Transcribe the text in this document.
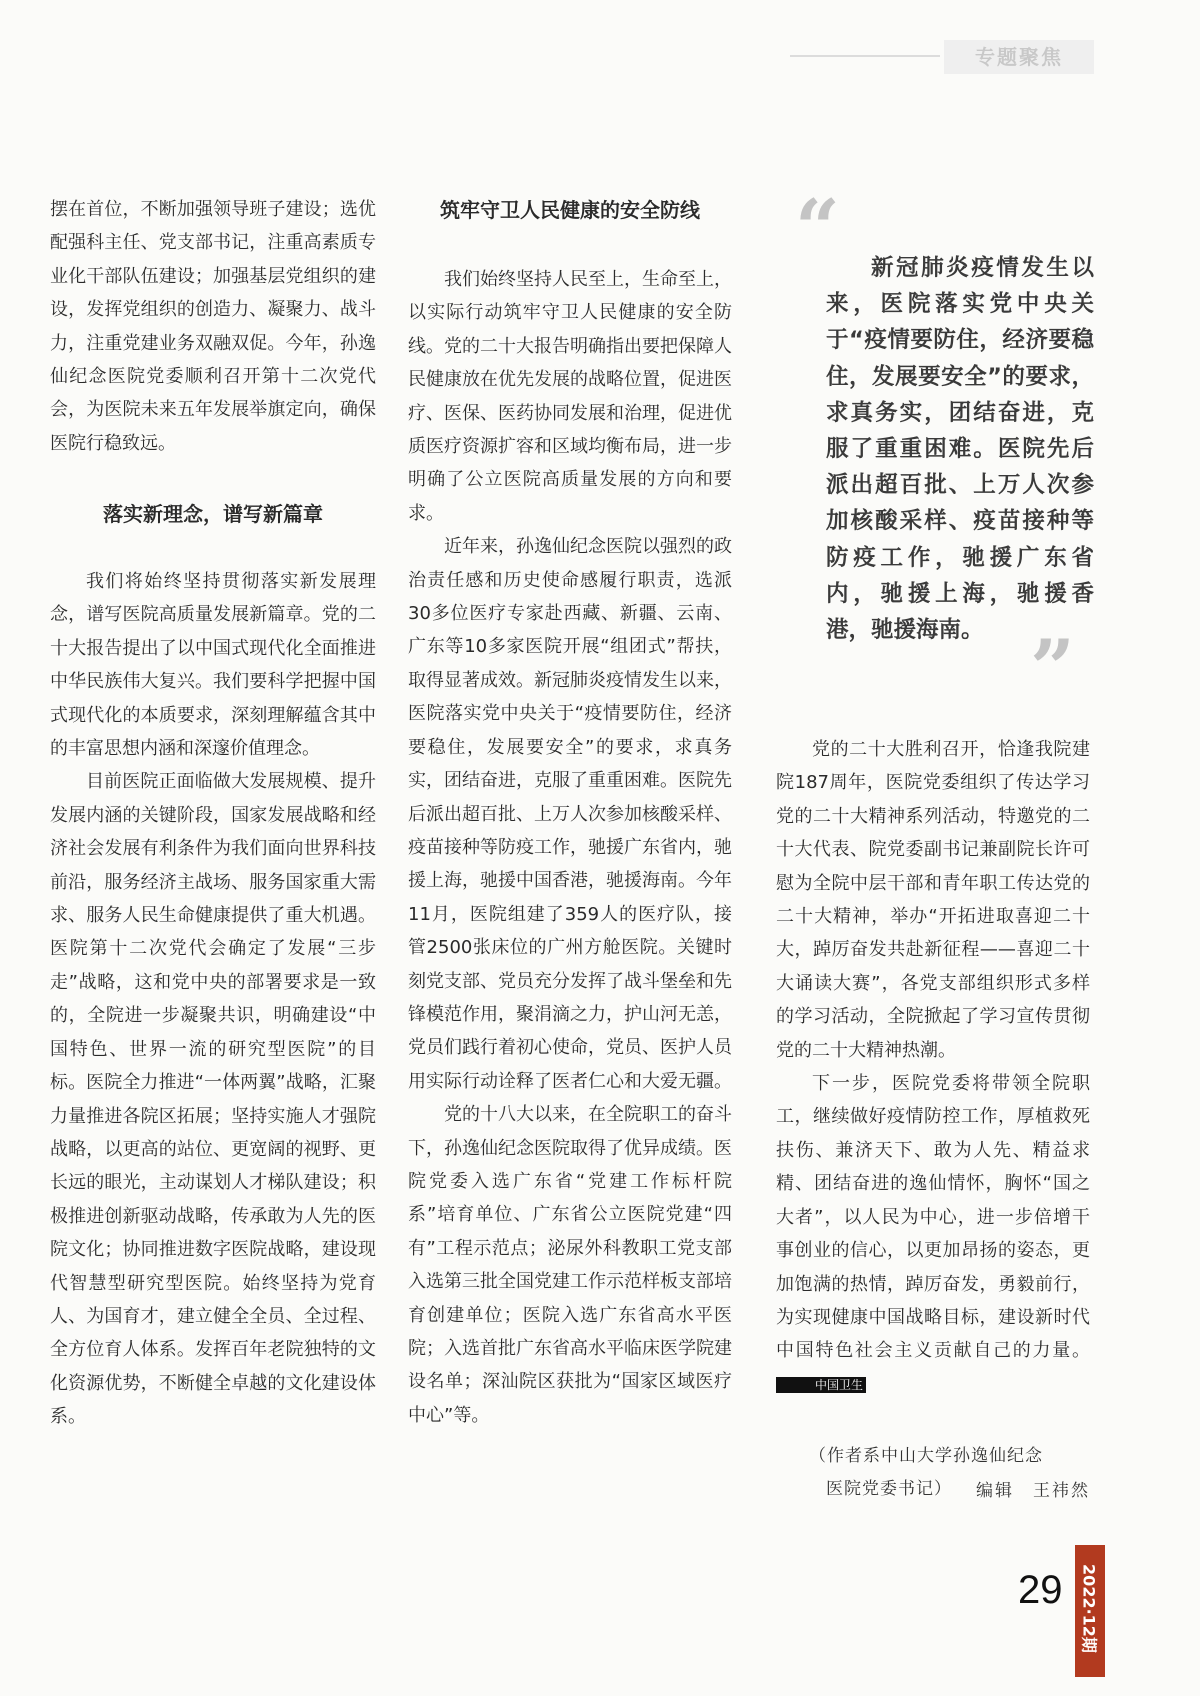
专题聚焦

摆在首位，不断加强领导班子建设；选优配强科主任、党支部书记，注重高素质专业化干部队伍建设；加强基层党组织的建设，发挥党组织的创造力、凝聚力、战斗力，注重党建业务双融双促。今年，孙逸仙纪念医院党委顺利召开第十二次党代会，为医院未来五年发展举旗定向，确保医院行稳致远。

我们将始终坚持贯彻落实新发展理念，谱写医院高质量发展新篇章。党的二十大报告提出了以中国式现代化全面推进中华民族伟大复兴。我们要科学把握中国式现代化的本质要求，深刻理解蕴含其中的丰富思想内涵和深邃价值理念。

目前医院正面临做大发展规模、提升发展内涵的关键阶段，国家发展战略和经济社会发展有利条件为我们面向世界科技前沿，服务经济主战场、服务国家重大需求、服务人民生命健康提供了重大机遇。医院第十二次党代会确定了发展“三步走”战略，这和党中央的部署要求是一致的，全院进一步凝聚共识，明确建设“中国特色、世界一流的研究型医院”的目标。医院全力推进“一体两翼”战略，汇聚力量推进各院区拓展；坚持实施人才强院战略，以更高的站位、更宽阔的视野、更长远的眼光，主动谋划人才梯队建设；积极推进创新驱动战略，传承敢为人先的医院文化；协同推进数字医院战略，建设现代智慧型研究型医院。始终坚持为党育人、为国育才，建立健全全员、全过程、全方位育人体系。发挥百年老院独特的文化资源优势，不断健全卓越的文化建设体系。

落实新理念，谱写新篇章

我们始终坚持人民至上，生命至上，以实际行动筑牢守卫人民健康的安全防线。党的二十大报告明确指出要把保障人民健康放在优先发展的战略位置，促进医疗、医保、医药协同发展和治理，促进优质医疗资源扩容和区域均衡布局，进一步明确了公立医院高质量发展的方向和要求。

近年来，孙逸仙纪念医院以强烈的政治责任感和历史使命感履行职责，选派30多位医疗专家赴西藏、新疆、云南、广东等10多家医院开展“组团式”帮扶，取得显著成效。新冠肺炎疫情发生以来，医院落实党中央关于“疫情要防住，经济要稳住，发展要安全”的要求，求真务实，团结奋进，克服了重重困难。医院先后派出超百批、上万人次参加核酸采样、疫苗接种等防疫工作，驰援广东省内，驰援上海，驰援中国香港，驰援海南。今年11月，医院组建了359人的医疗队，接管2500张床位的广州方舱医院。关键时刻党支部、党员充分发挥了战斗堡垒和先锋模范作用，聚涓滴之力，护山河无恙，党员们践行着初心使命，党员、医护人员用实际行动诠释了医者仁心和大爱无疆。

党的十八大以来，在全院职工的奋斗下，孙逸仙纪念医院取得了优异成绩。医院党委入选广东省“党建工作标杆院系”培育单位、广东省公立医院党建“四有”工程示范点；泌尿外科教职工党支部入选第三批全国党建工作示范样板支部培育创建单位；医院入选广东省高水平医院；入选首批广东省高水平临床医学院建设名单；深汕院区获批为“国家区域医疗中心”等。

筑牢守卫人民健康的安全防线	“	新冠肺炎疫情发生以来，医院落实党中央关于“疫情要防住，经济要稳住，发展要安全”的要求，求真务实，团结奋进，克服了重重困难。医院先后派出超百批、上万人次参加核酸采样、疫苗接种等防疫工作，驰援广东省内，驰援上海，驰援香港，驰援海南。 ”

党的二十大胜利召开，恰逢我院建院187周年，医院党委组织了传达学习党的二十大精神系列活动，特邀党的二十大代表、院党委副书记兼副院长许可慰为全院中层干部和青年职工传达党的二十大精神，举办“开拓进取喜迎二十大，踔厉奋发共赴新征程——喜迎二十大诵读大赛”，各党支部组织形式多样的学习活动，全院掀起了学习宣传贯彻党的二十大精神热潮。

下一步，医院党委将带领全院职工，继续做好疫情防控工作，厚植救死扶伤、兼济天下、敢为人先、精益求精、团结奋进的逸仙情怀，胸怀“国之大者”，以人民为中心，进一步倍增干事创业的信心，以更加昂扬的姿态，更加饱满的热情，踔厉奋发，勇毅前行，为实现健康中国战略目标，建设新时代中国特色社会主义贡献自己的力量。中国卫生

（作者系中山大学孙逸仙纪念

医院党委书记）	编辑　王祎然
29 2022·12期
